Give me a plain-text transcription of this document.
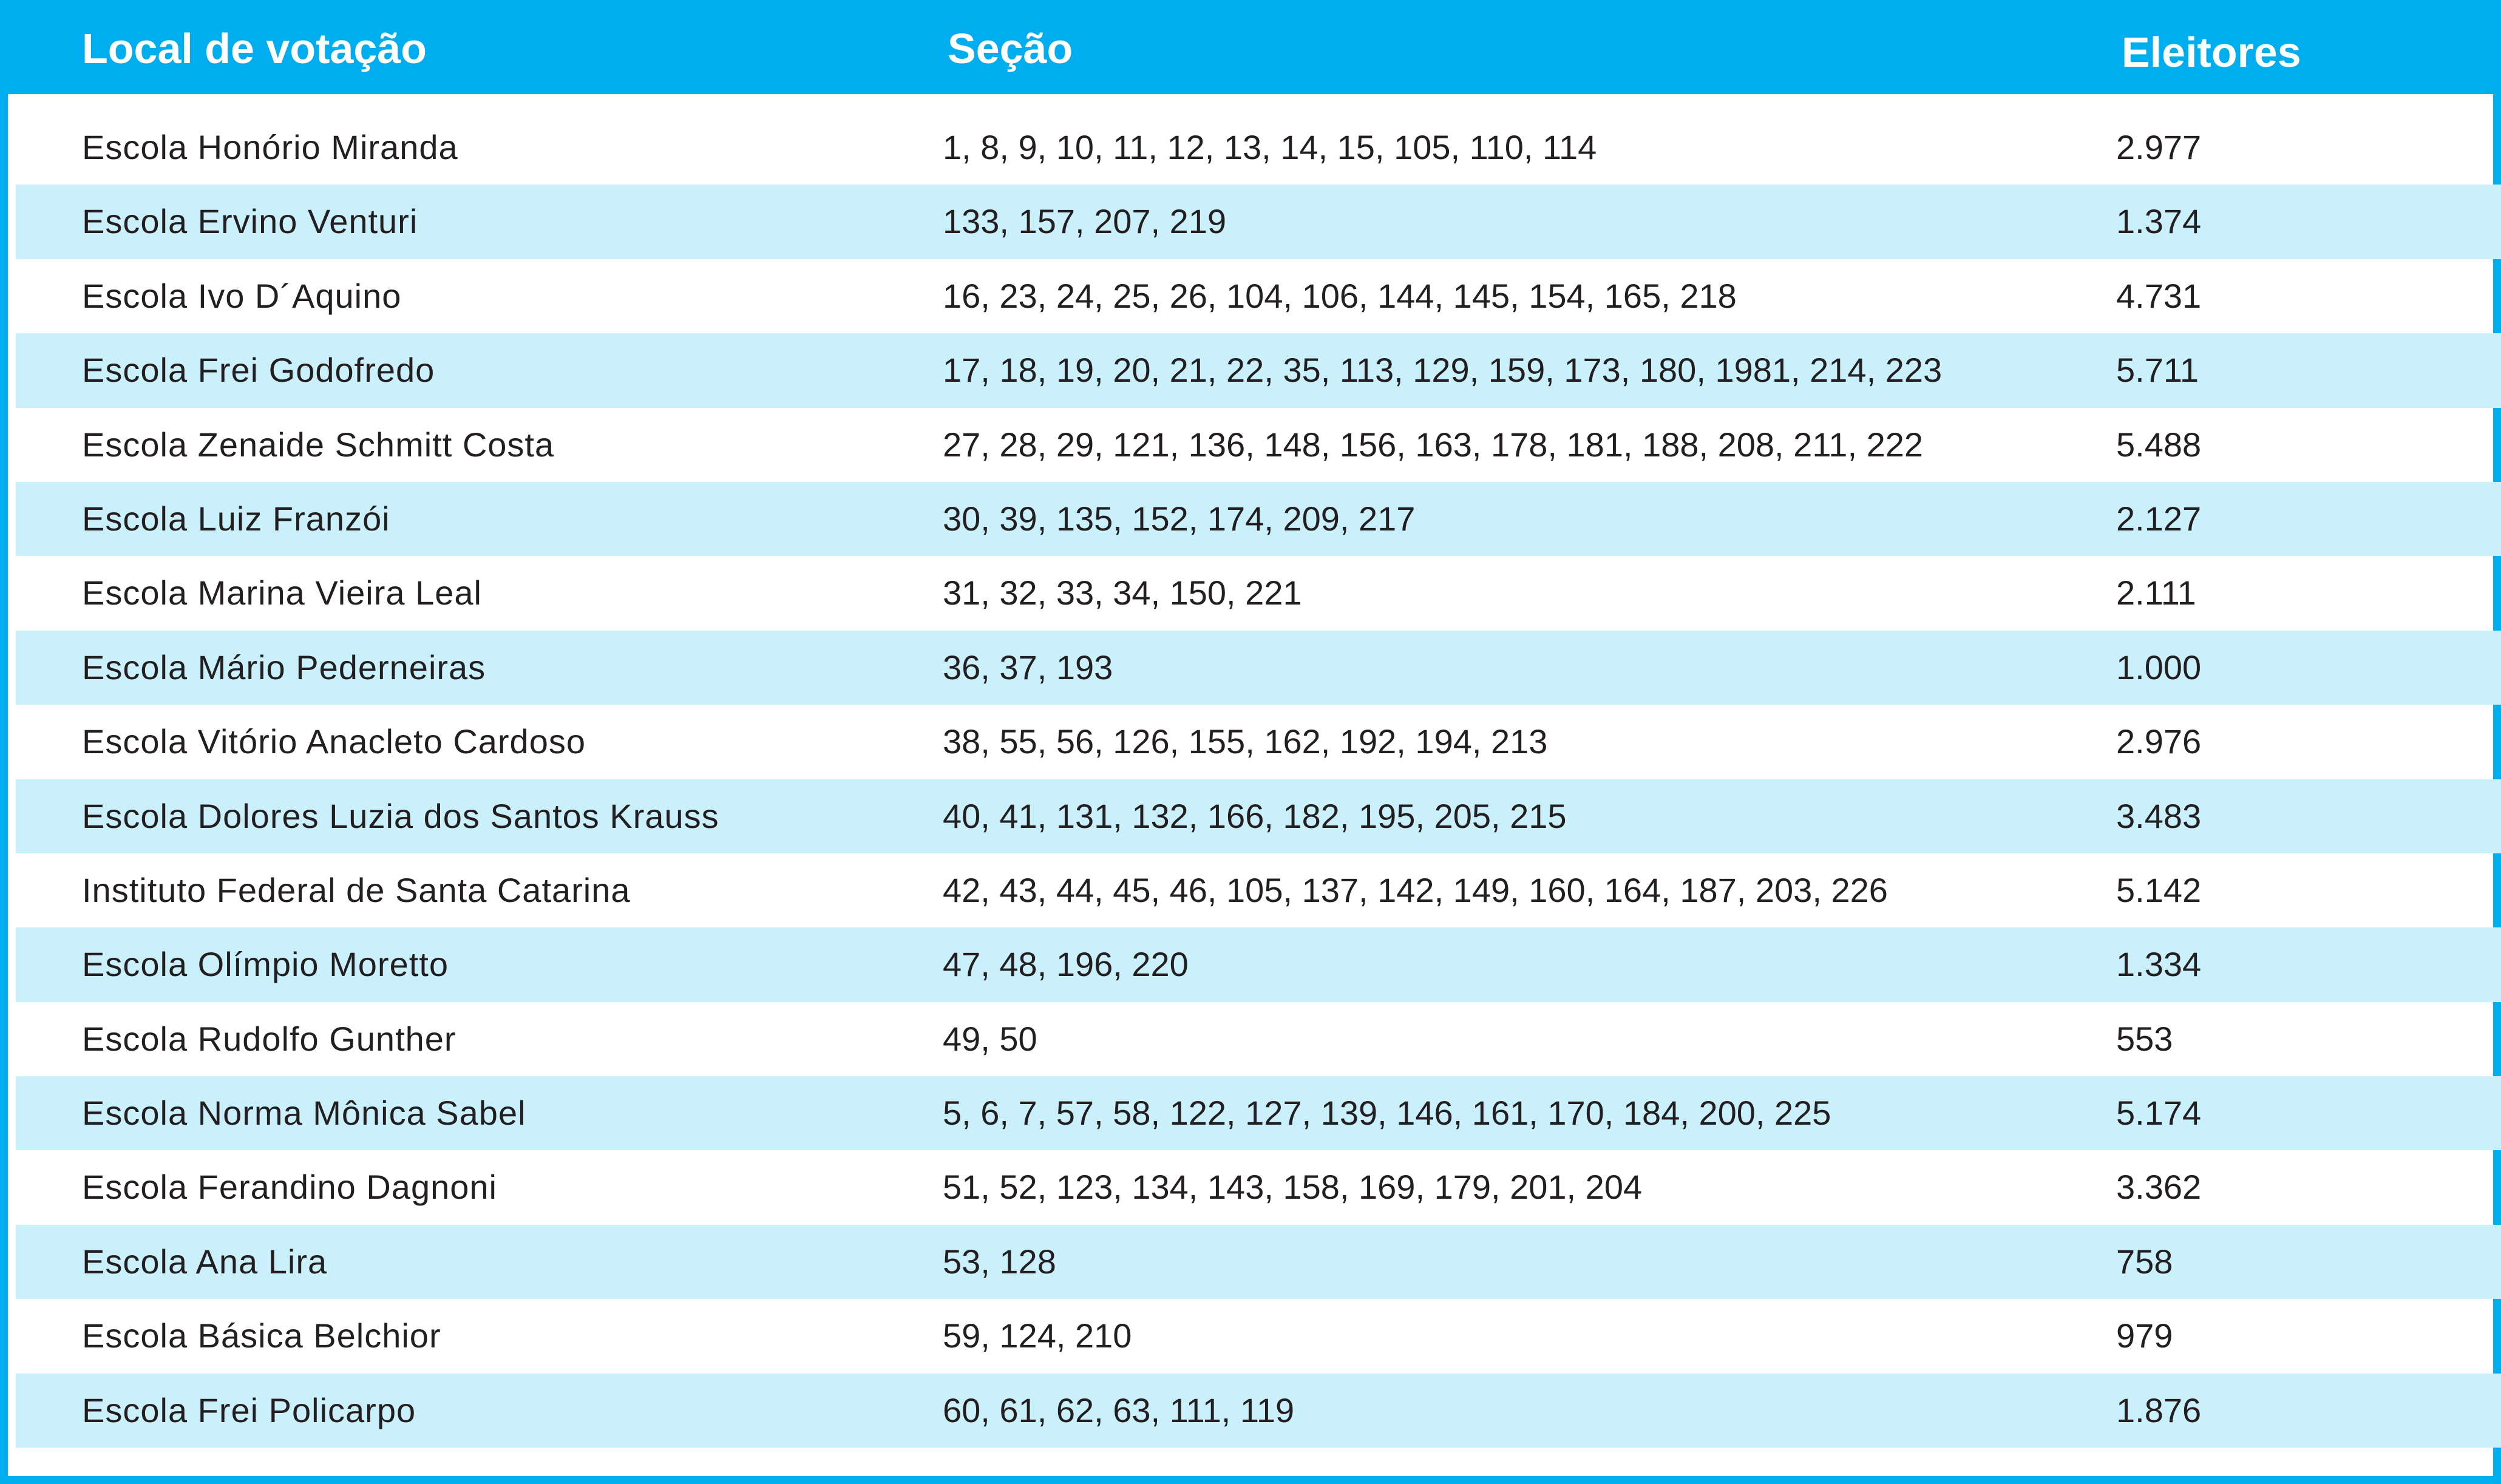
Local de votação	Seção	Eleitores
Escola Honório Miranda	1, 8, 9, 10, 11, 12, 13, 14, 15, 105, 110, 114	2.977
Escola Ervino Venturi	133, 157, 207, 219	1.374
Escola Ivo D´Aquino	16, 23, 24, 25, 26, 104, 106, 144, 145, 154, 165, 218	4.731
Escola Frei Godofredo	17, 18, 19, 20, 21, 22, 35, 113, 129, 159, 173, 180, 1981, 214, 223	5.711
Escola Zenaide Schmitt Costa	27, 28, 29, 121, 136, 148, 156, 163, 178, 181, 188, 208, 211, 222	5.488
Escola Luiz Franzói	30, 39, 135, 152, 174, 209, 217	2.127
Escola Marina Vieira Leal	31, 32, 33, 34, 150, 221	2.111
Escola Mário Pederneiras	36, 37, 193	1.000
Escola Vitório Anacleto Cardoso	38, 55, 56, 126, 155, 162, 192, 194, 213	2.976
Escola Dolores Luzia dos Santos Krauss	40, 41, 131, 132, 166, 182, 195, 205, 215	3.483
Instituto Federal de Santa Catarina	42, 43, 44, 45, 46, 105, 137, 142, 149, 160, 164, 187, 203, 226	5.142
Escola Olímpio Moretto	47, 48, 196, 220	1.334
Escola Rudolfo Gunther	49, 50	553
Escola Norma Mônica Sabel	5, 6, 7, 57, 58, 122, 127, 139, 146, 161, 170, 184, 200, 225	5.174
Escola Ferandino Dagnoni	51, 52, 123, 134, 143, 158, 169, 179, 201, 204	3.362
Escola Ana Lira	53, 128	758
Escola Básica Belchior	59, 124, 210	979
Escola Frei Policarpo	60, 61, 62, 63, 111, 119	1.876
